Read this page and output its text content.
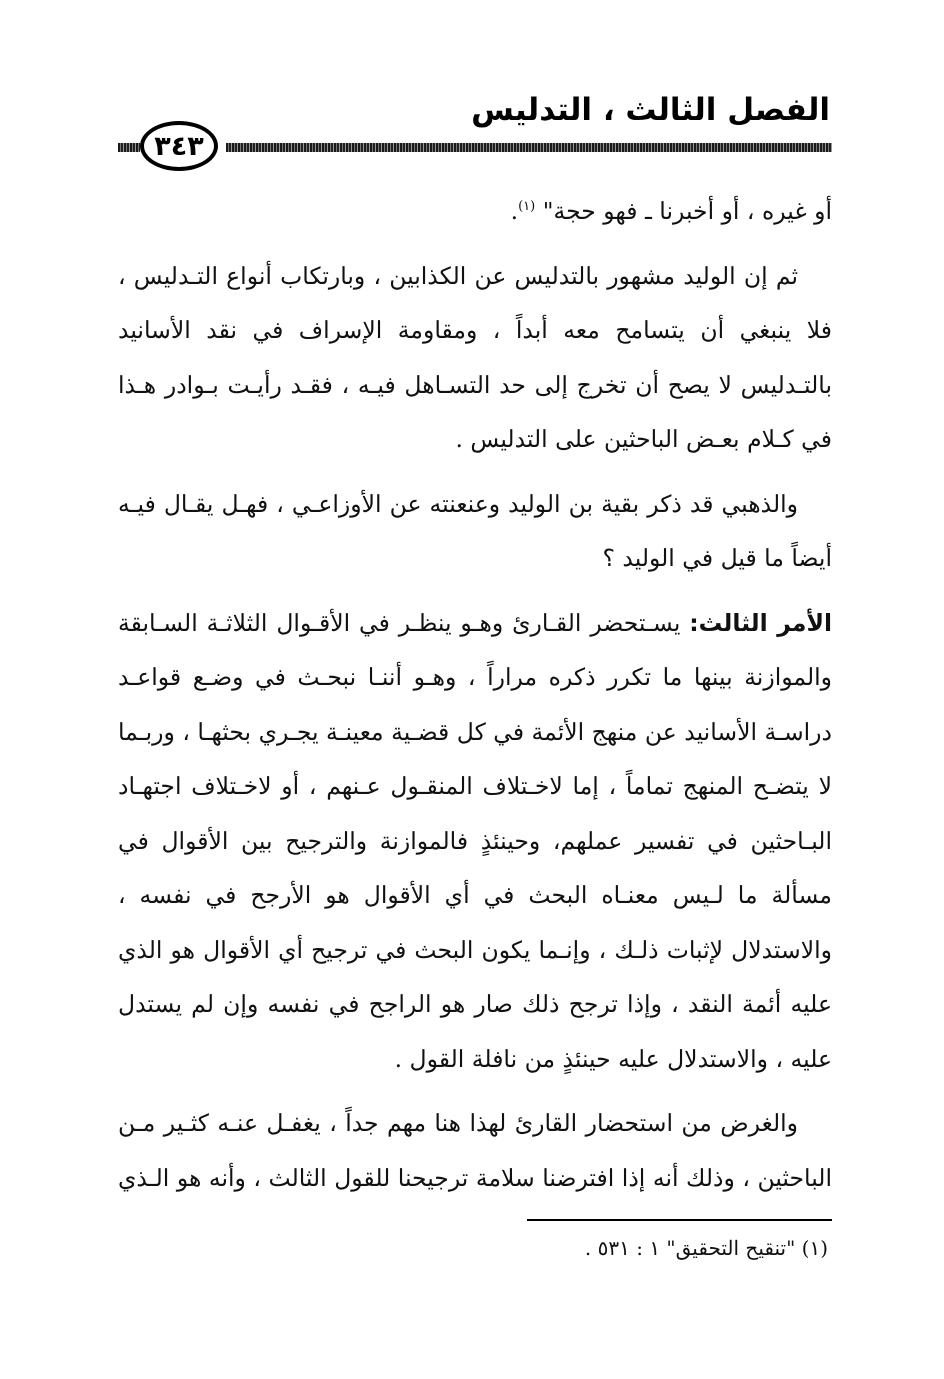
الفصل الثالث ، التدليس
٣٤٣

أو غيره ، أو أخبرنا ـ فهو حجة" $^{(١)}$.

ثم إن الوليد مشهور بالتدليس عن الكذابين ، وبارتكاب أنواع التـدليس ، فلا ينبغي أن يتسامح معه أبداً ، ومقاومة الإسراف في نقد الأسانيد بالتـدليس لا يصح أن تخرج إلى حد التسـاهل فيـه ، فقـد رأيـت بـوادر هـذا في كـلام بعـض الباحثين على التدليس .

والذهبي قد ذكر بقية بن الوليد وعنعنته عن الأوزاعـي ، فهـل يقـال فيـه أيضاً ما قيل في الوليد ؟

الأمر الثالث: يسـتحضر القـارئ وهـو ينظـر في الأقـوال الثلاثـة السـابقة والموازنة بينها ما تكرر ذكره مراراً ، وهـو أننـا نبحـث في وضـع قواعـد دراسـة الأسانيد عن منهج الأئمة في كل قضـية معينـة يجـري بحثهـا ، وربـما لا يتضـح المنهج تماماً ، إما لاخـتلاف المنقـول عـنهم ، أو لاخـتلاف اجتهـاد البـاحثين في تفسير عملهم، وحينئذٍ فالموازنة والترجيح بين الأقوال في مسألة ما لـيس معنـاه البحث في أي الأقوال هو الأرجح في نفسه ، والاستدلال لإثبات ذلـك ، وإنـما يكون البحث في ترجيح أي الأقوال هو الذي عليه أئمة النقد ، وإذا ترجح ذلك صار هو الراجح في نفسه وإن لم يستدل عليه ، والاستدلال عليه حينئذٍ من نافلة القول .

والغرض من استحضار القارئ لهذا هنا مهم جداً ، يغفـل عنـه كثـير مـن الباحثين ، وذلك أنه إذا افترضنا سلامة ترجيحنا للقول الثالث ، وأنه هو الـذي

(١) "تنقيح التحقيق" ١ : ٥٣١ .
